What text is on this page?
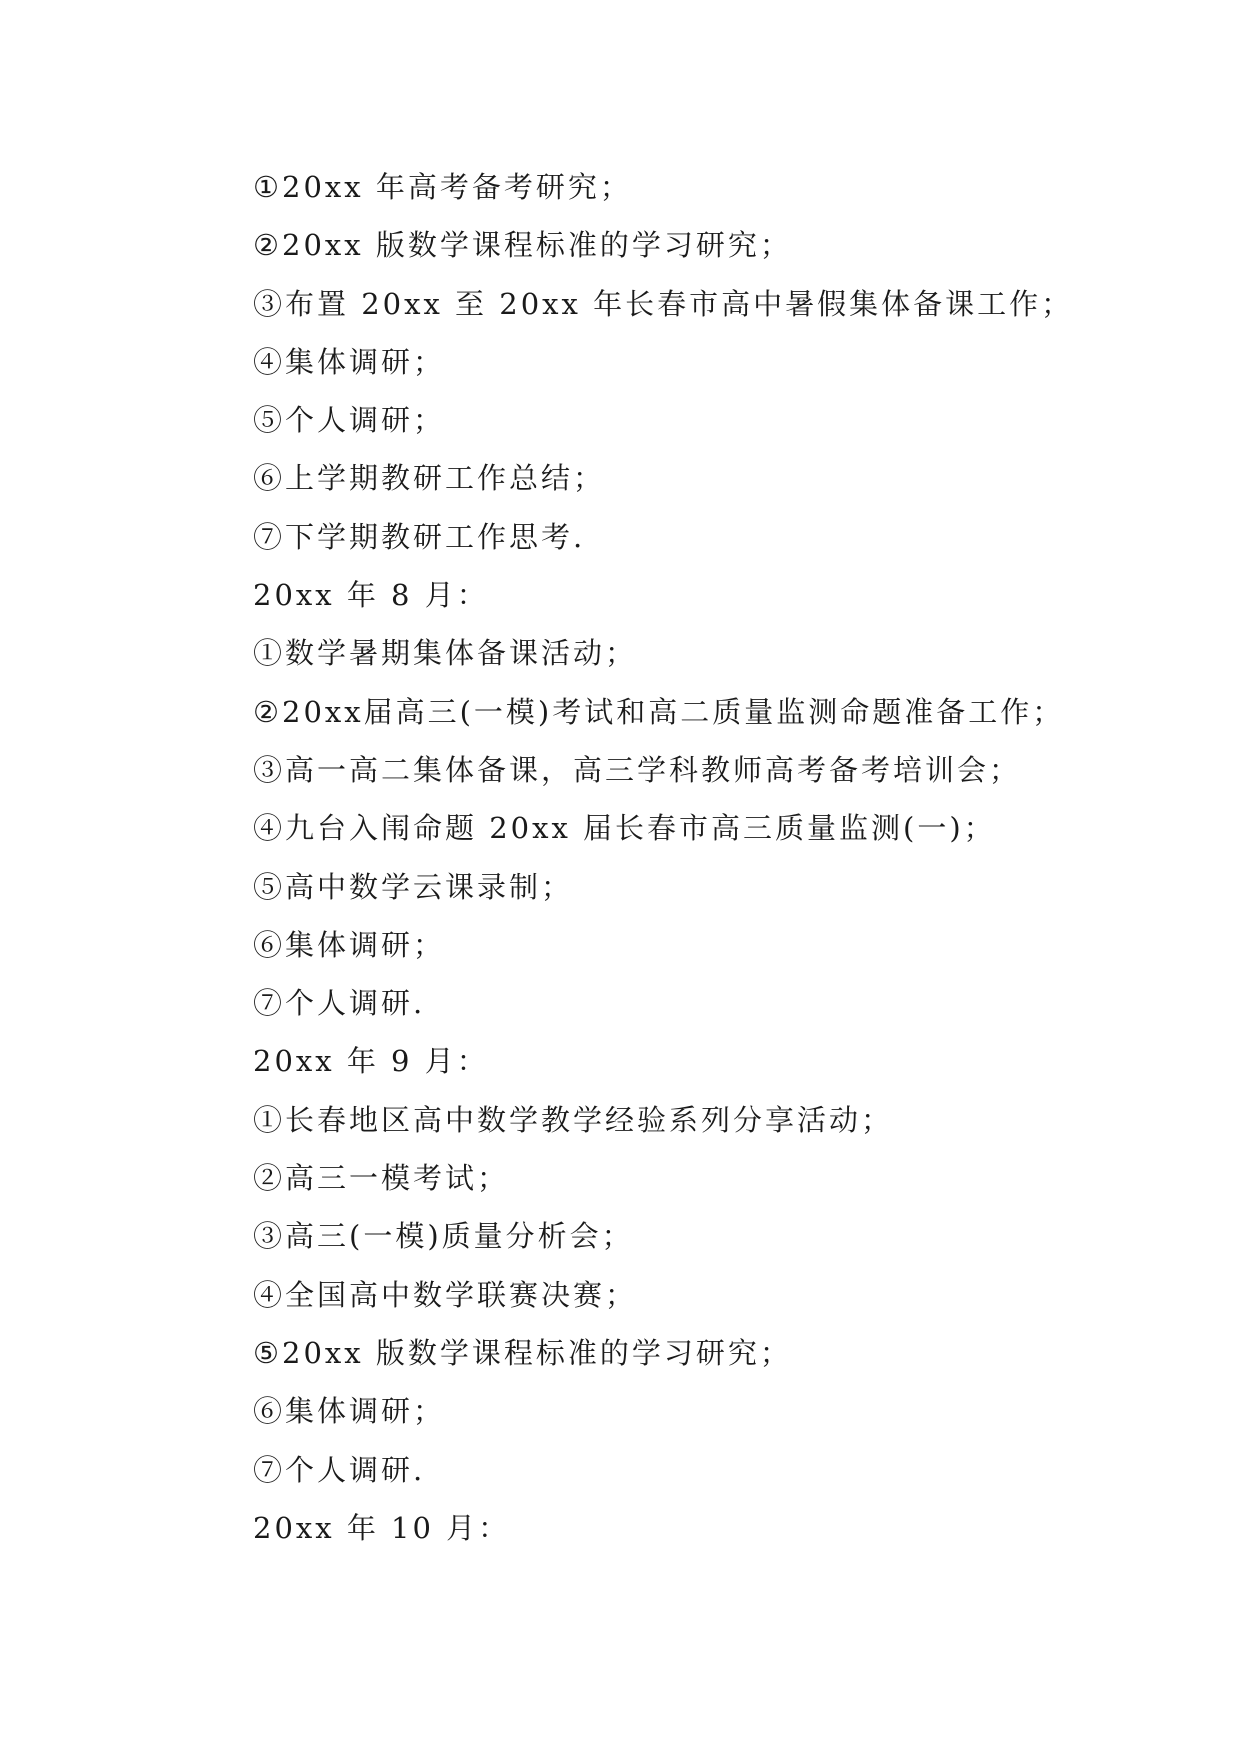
①20xx 年高考备考研究；
②20xx 版数学课程标准的学习研究；
③布置 20xx 至 20xx 年长春市高中暑假集体备课工作；
④集体调研；
⑤个人调研；
⑥上学期教研工作总结；
⑦下学期教研工作思考.
20xx 年 8 月：
①数学暑期集体备课活动；
②20xx届高三(一模)考试和高二质量监测命题准备工作；
③高一高二集体备课，高三学科教师高考备考培训会；
④九台入闱命题 20xx 届长春市高三质量监测(一)；
⑤高中数学云课录制；
⑥集体调研；
⑦个人调研.
20xx 年 9 月：
①长春地区高中数学教学经验系列分享活动；
②高三一模考试；
③高三(一模)质量分析会；
④全国高中数学联赛决赛；
⑤20xx 版数学课程标准的学习研究；
⑥集体调研；
⑦个人调研.
20xx 年 10 月：
